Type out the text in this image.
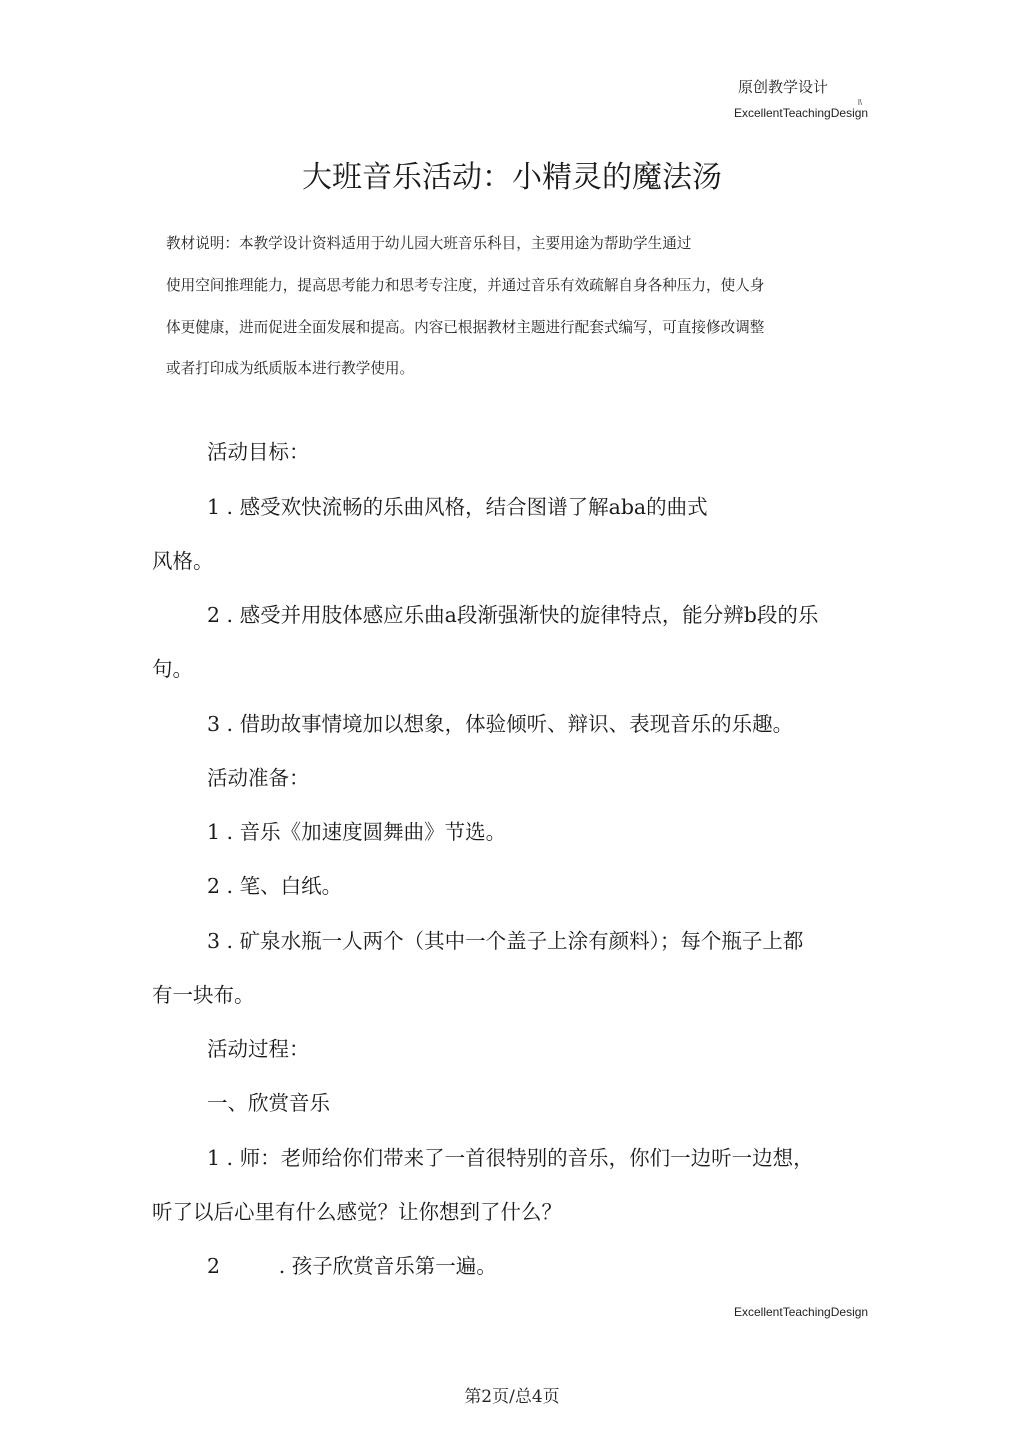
原创教学设计
l\
ExcellentTeachingDesign
大班音乐活动：小精灵的魔法汤
教材说明：本教学设计资料适用于幼儿园大班音乐科目，主要用途为帮助学生通过
使用空间推理能力，提高思考能力和思考专注度，并通过音乐有效疏解自身各种压力，使人身
体更健康，进而促进全面发展和提高。内容已根据教材主题进行配套式编写，可直接修改调整
或者打印成为纸质版本进行教学使用。
活动目标：
1 . 感受欢快流畅的乐曲风格，结合图谱了解aba的曲式
风格。
2 . 感受并用肢体感应乐曲a段渐强渐快的旋律特点，能分辨b段的乐
句。
3 . 借助故事情境加以想象，体验倾听、辩识、表现音乐的乐趣。
活动准备：
1 . 音乐《加速度圆舞曲》节选。
2 . 笔、白纸。
3 . 矿泉水瓶一人两个（其中一个盖子上涂有颜料）；每个瓶子上都
有一块布。
活动过程：
一、欣赏音乐
1 . 师：老师给你们带来了一首很特别的音乐，你们一边听一边想，
听了以后心里有什么感觉？让你想到了什么？
2         . 孩子欣赏音乐第一遍。
ExcellentTeachingDesign
第2页/总4页
